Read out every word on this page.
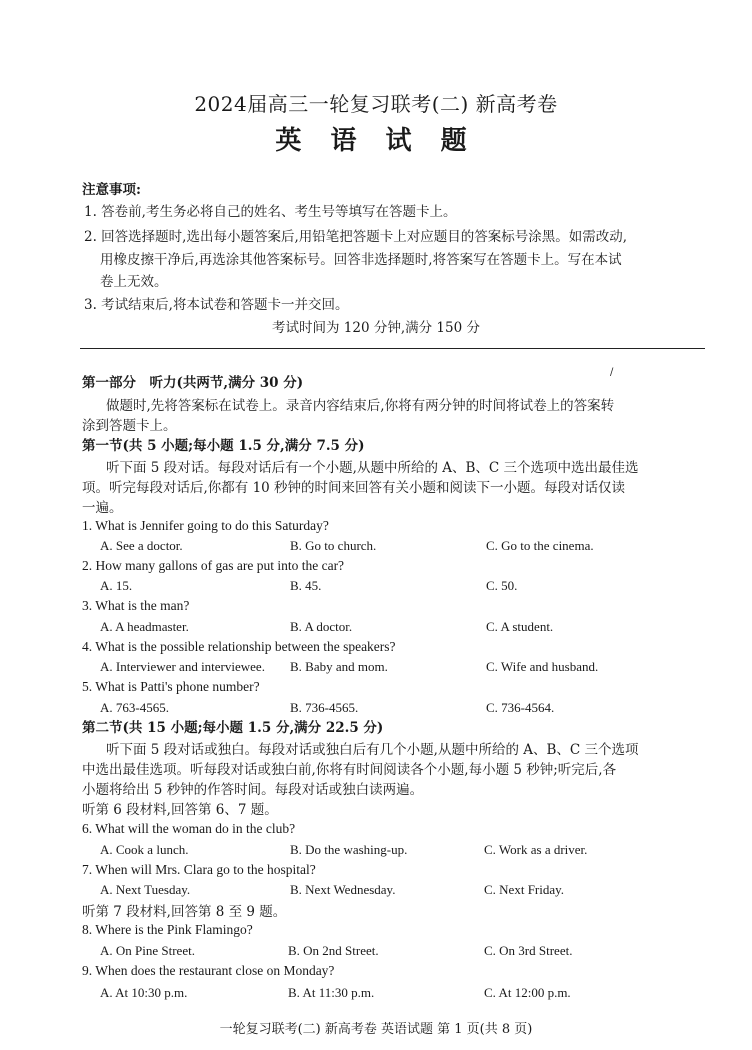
2024届高三一轮复习联考(二) 新高考卷
英 语 试 题
注意事项:
1. 答卷前,考生务必将自己的姓名、考生号等填写在答题卡上。
2. 回答选择题时,选出每小题答案后,用铅笔把答题卡上对应题目的答案标号涂黑。如需改动,
用橡皮擦干净后,再选涂其他答案标号。回答非选择题时,将答案写在答题卡上。写在本试
卷上无效。
3. 考试结束后,将本试卷和答题卡一并交回。
考试时间为 120 分钟,满分 150 分
/
第一部分　听力(共两节,满分 30 分)
做题时,先将答案标在试卷上。录音内容结束后,你将有两分钟的时间将试卷上的答案转
涂到答题卡上。
第一节(共 5 小题;每小题 1.5 分,满分 7.5 分)
听下面 5 段对话。每段对话后有一个小题,从题中所给的 A、B、C 三个选项中选出最佳选
项。听完每段对话后,你都有 10 秒钟的时间来回答有关小题和阅读下一小题。每段对话仅读
一遍。
1. What is Jennifer going to do this Saturday?
A. See a doctor.	B. Go to church.	C. Go to the cinema.
2. How many gallons of gas are put into the car?
A. 15.	B. 45.	C. 50.
3. What is the man?
A. A headmaster.	B. A doctor.	C. A student.
4. What is the possible relationship between the speakers?
A. Interviewer and interviewee. B. Baby and mom.	C. Wife and husband.
5. What is Patti's phone number?
A. 763-4565.	B. 736-4565.	C. 736-4564.
第二节(共 15 小题;每小题 1.5 分,满分 22.5 分)
听下面 5 段对话或独白。每段对话或独白后有几个小题,从题中所给的 A、B、C 三个选项
中选出最佳选项。听每段对话或独白前,你将有时间阅读各个小题,每小题 5 秒钟;听完后,各
小题将给出 5 秒钟的作答时间。每段对话或独白读两遍。
听第 6 段材料,回答第 6、7 题。
6. What will the woman do in the club?
A. Cook a lunch.	B. Do the washing-up.	C. Work as a driver.
7. When will Mrs. Clara go to the hospital?
A. Next Tuesday.	B. Next Wednesday.	C. Next Friday.
听第 7 段材料,回答第 8 至 9 题。
8. Where is the Pink Flamingo?
A. On Pine Street.	B. On 2nd Street.	C. On 3rd Street.
9. When does the restaurant close on Monday?
A. At 10:30 p.m.	B. At 11:30 p.m.	C. At 12:00 p.m.
一轮复习联考(二) 新高考卷 英语试题 第 1 页(共 8 页)
